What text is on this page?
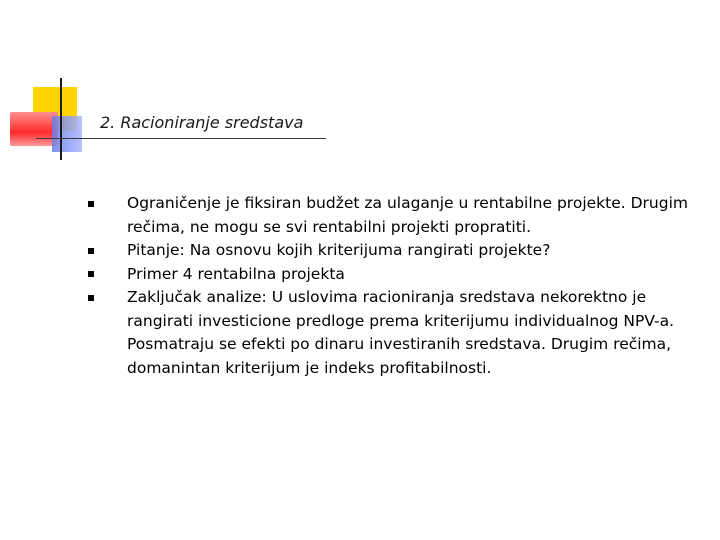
2. Racioniranje sredstava
Ograničenje je fiksiran budžet za ulaganje u rentabilne projekte. Drugim rečima, ne mogu se svi rentabilni projekti propratiti.
Pitanje: Na osnovu kojih kriterijuma rangirati projekte?
Primer 4 rentabilna projekta
Zaključak analize: U uslovima racioniranja sredstava nekorektno je rangirati investicione predloge prema kriterijumu individualnog NPV-a. Posmatraju se efekti po dinaru investiranih sredstava. Drugim rečima, domanintan kriterijum je indeks profitabilnosti.
